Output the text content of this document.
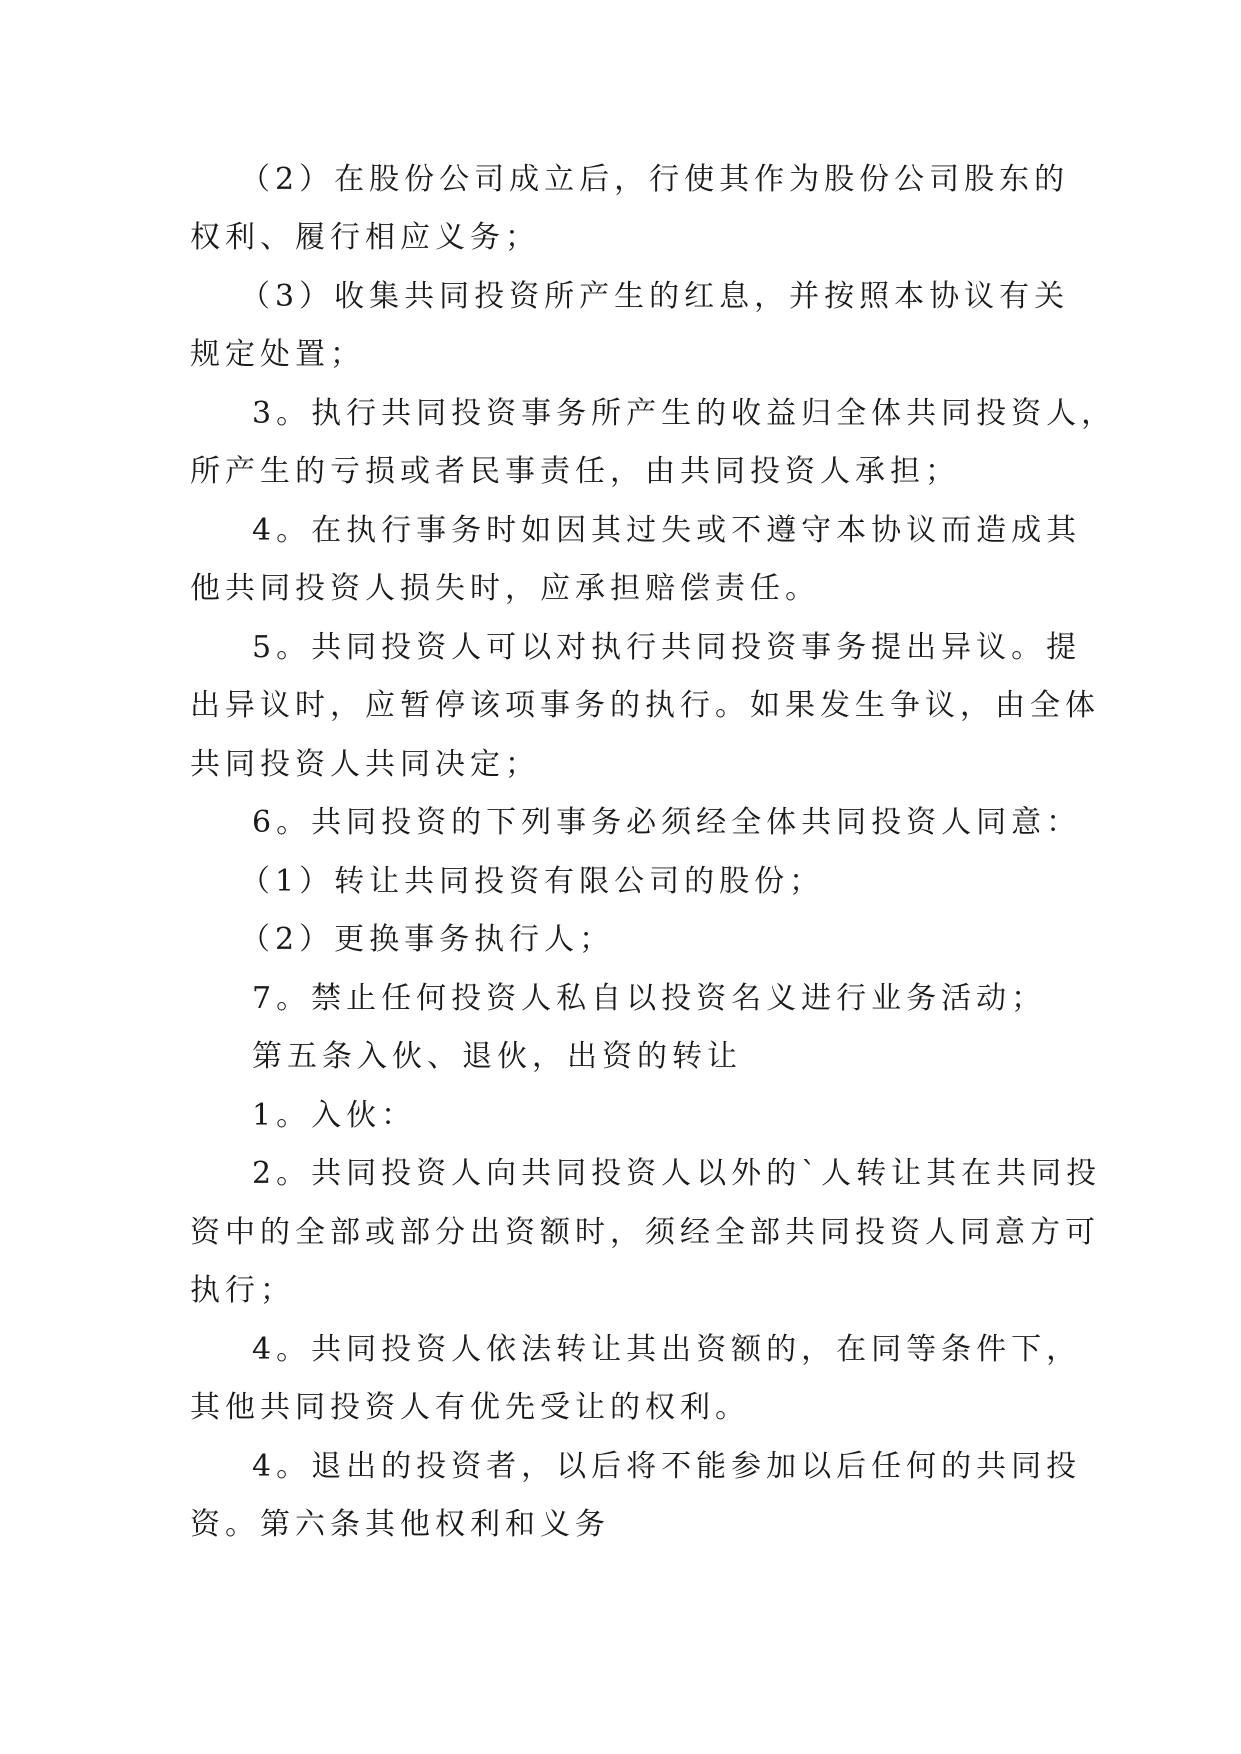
（2）在股份公司成立后，行使其作为股份公司股东的
权利、履行相应义务；
（3）收集共同投资所产生的红息，并按照本协议有关
规定处置；
3。执行共同投资事务所产生的收益归全体共同投资人，
所产生的亏损或者民事责任，由共同投资人承担；
4。在执行事务时如因其过失或不遵守本协议而造成其
他共同投资人损失时，应承担赔偿责任。
5。共同投资人可以对执行共同投资事务提出异议。提
出异议时，应暂停该项事务的执行。如果发生争议，由全体
共同投资人共同决定；
6。共同投资的下列事务必须经全体共同投资人同意：
（1）转让共同投资有限公司的股份；
（2）更换事务执行人；
7。禁止任何投资人私自以投资名义进行业务活动；
第五条入伙、退伙，出资的转让
1。入伙：
2。共同投资人向共同投资人以外的`人转让其在共同投
资中的全部或部分出资额时，须经全部共同投资人同意方可
执行；
4。共同投资人依法转让其出资额的，在同等条件下，
其他共同投资人有优先受让的权利。
4。退出的投资者，以后将不能参加以后任何的共同投
资。第六条其他权利和义务
